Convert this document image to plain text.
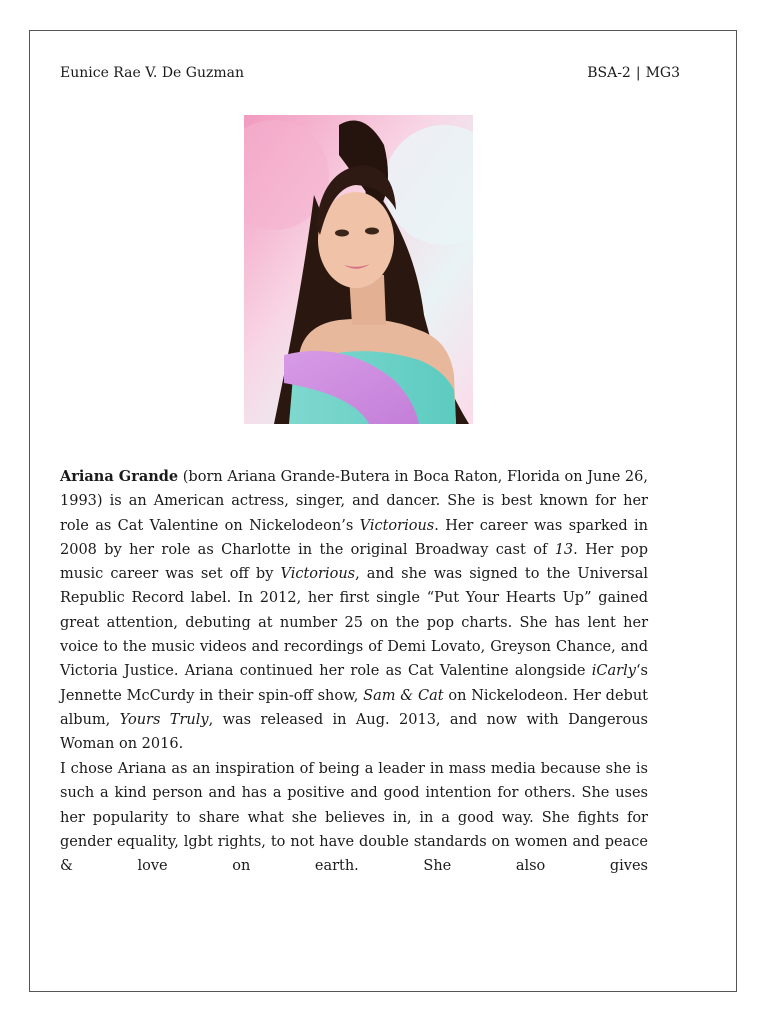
Eunice Rae V. De Guzman	BSA-2 | MG3

Ariana Grande (born Ariana Grande-Butera in Boca Raton, Florida on June 26, 1993) is an American actress, singer, and dancer. She is best known for her role as Cat Valentine on Nickelodeon’s Victorious. Her career was sparked in 2008 by her role as Charlotte in the original Broadway cast of 13. Her pop music career was set off by Victorious, and she was signed to the Universal Republic Record label. In 2012, her first single “Put Your Hearts Up” gained great attention, debuting at number 25 on the pop charts. She has lent her voice to the music videos and recordings of Demi Lovato, Greyson Chance, and Victoria Justice. Ariana continued her role as Cat Valentine alongside iCarly‘s Jennette McCurdy in their spin-off show, Sam & Cat on Nickelodeon. Her debut album, Yours Truly, was released in Aug. 2013, and now with Dangerous Woman on 2016.

I chose Ariana as an inspiration of being a leader in mass media because she is such a kind person and has a positive and good intention for others. She uses her popularity to share what she believes in, in a good way. She fights for gender equality, lgbt rights, to not have double standards on women and peace & love on earth. She also gives
